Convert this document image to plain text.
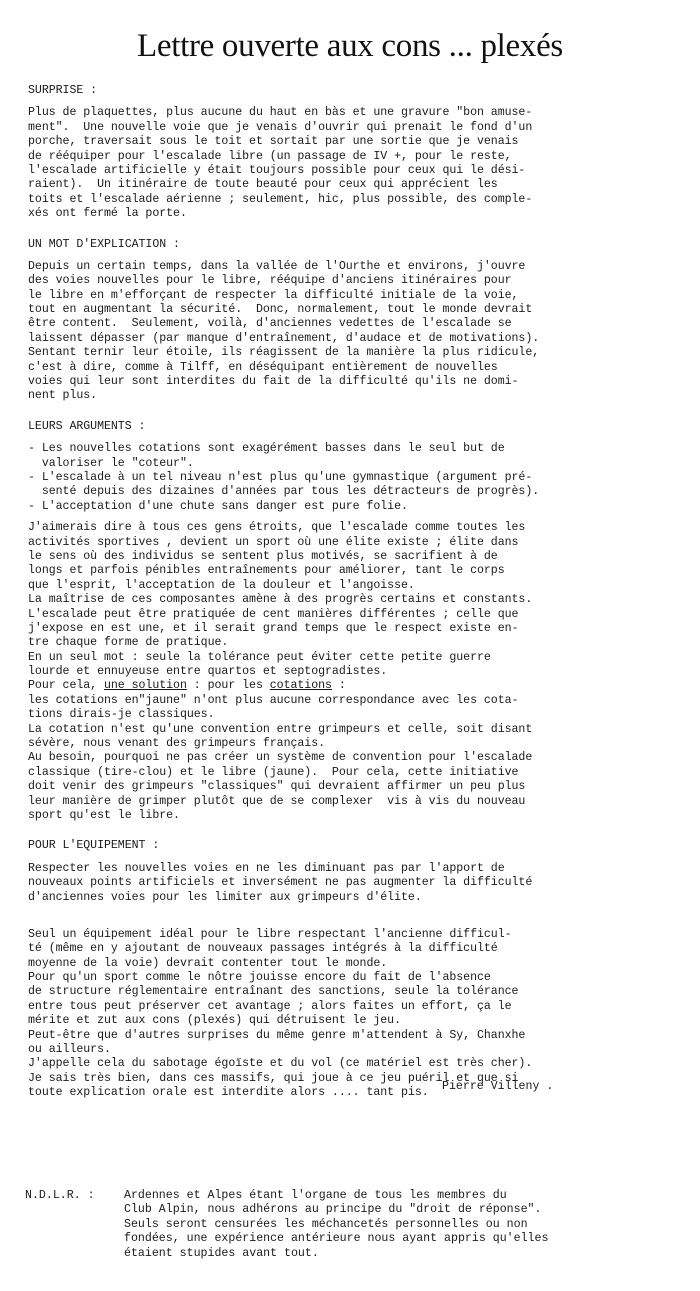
Lettre ouverte aux cons ... plexés
SURPRISE :
Plus de plaquettes, plus aucune du haut en bàs et une gravure "bon amuse-
ment".  Une nouvelle voie que je venais d'ouvrir qui prenait le fond d'un
porche, traversait sous le toit et sortait par une sortie que je venais
de rééquiper pour l'escalade libre (un passage de IV +, pour le reste,
l'escalade artificielle y était toujours possible pour ceux qui le dési-
raient).  Un itinéraire de toute beauté pour ceux qui apprécient les
toits et l'escalade aérienne ; seulement, hic, plus possible, des comple-
xés ont fermé la porte.
UN MOT D'EXPLICATION :
Depuis un certain temps, dans la vallée de l'Ourthe et environs, j'ouvre
des voies nouvelles pour le libre, rééquipe d'anciens itinéraires pour
le libre en m'efforçant de respecter la difficulté initiale de la voie,
tout en augmentant la sécurité.  Donc, normalement, tout le monde devrait
être content.  Seulement, voilà, d'anciennes vedettes de l'escalade se
laissent dépasser (par manque d'entraînement, d'audace et de motivations).
Sentant ternir leur étoile, ils réagissent de la manière la plus ridicule,
c'est à dire, comme à Tilff, en déséquipant entièrement de nouvelles
voies qui leur sont interdites du fait de la difficulté qu'ils ne domi-
nent plus.
LEURS ARGUMENTS :
- Les nouvelles cotations sont exagérément basses dans le seul but de
valoriser le "coteur".
- L'escalade à un tel niveau n'est plus qu'une gymnastique (argument pré-
senté depuis des dizaines d'années par tous les détracteurs de progrès).
- L'acceptation d'une chute sans danger est pure folie.
J'aimerais dire à tous ces gens étroits, que l'escalade comme toutes les
activités sportives , devient un sport où une élite existe ; élite dans
le sens où des individus se sentent plus motivés, se sacrifient à de
longs et parfois pénibles entraînements pour améliorer, tant le corps
que l'esprit, l'acceptation de la douleur et l'angoisse.
La maîtrise de ces composantes amène à des progrès certains et constants.
L'escalade peut être pratiquée de cent manières différentes ; celle que
j'expose en est une, et il serait grand temps que le respect existe en-
tre chaque forme de pratique.
En un seul mot : seule la tolérance peut éviter cette petite guerre
lourde et ennuyeuse entre quartos et septogradistes.
Pour cela, une solution : pour les cotations :
les cotations en"jaune" n'ont plus aucune correspondance avec les cota-
tions dirais-je classiques.
La cotation n'est qu'une convention entre grimpeurs et celle, soit disant
sévère, nous venant des grimpeurs français.
Au besoin, pourquoi ne pas créer un système de convention pour l'escalade
classique (tire-clou) et le libre (jaune).  Pour cela, cette initiative
doit venir des grimpeurs "classiques" qui devraient affirmer un peu plus
leur manière de grimper plutôt que de se complexer  vis à vis du nouveau
sport qu'est le libre.
POUR L'EQUIPEMENT :
Respecter les nouvelles voies en ne les diminuant pas par l'apport de
nouveaux points artificiels et inversément ne pas augmenter la difficulté
d'anciennes voies pour les limiter aux grimpeurs d'élite.
Seul un équipement idéal pour le libre respectant l'ancienne difficul-
té (même en y ajoutant de nouveaux passages intégrés à la difficulté
moyenne de la voie) devrait contenter tout le monde.
Pour qu'un sport comme le nôtre jouisse encore du fait de l'absence
de structure réglementaire entraînant des sanctions, seule la tolérance
entre tous peut préserver cet avantage ; alors faites un effort, ça le
mérite et zut aux cons (plexés) qui détruisent le jeu.
Peut-être que d'autres surprises du même genre m'attendent à Sy, Chanxhe
ou ailleurs.
J'appelle cela du sabotage égoïste et du vol (ce matériel est très cher).
Je sais très bien, dans ces massifs, qui joue à ce jeu puéril et que si
toute explication orale est interdite alors .... tant pis.	Pierre Villeny .
N.D.L.R. :	Ardennes et Alpes étant l'organe de tous les membres du
Club Alpin, nous adhérons au principe du "droit de réponse".
Seuls seront censurées les méchancetés personnelles ou non
fondées, une expérience antérieure nous ayant appris qu'elles
étaient stupides avant tout.
